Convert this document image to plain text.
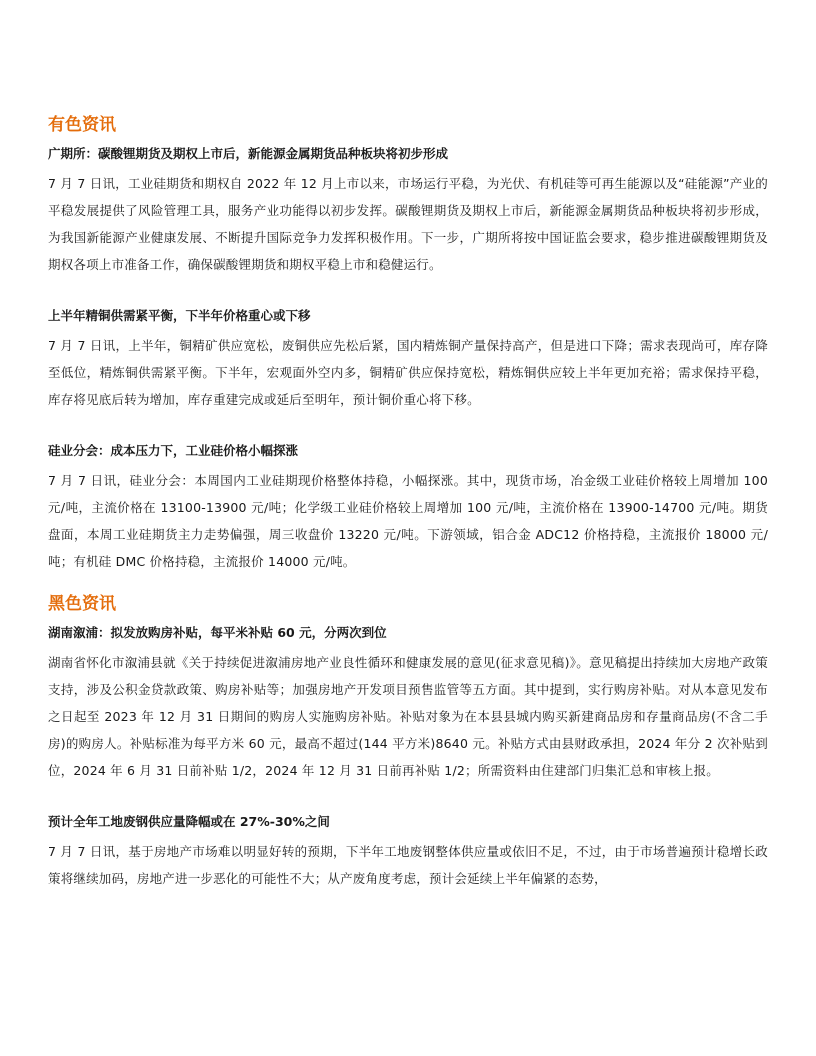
有色资讯
广期所：碳酸锂期货及期权上市后，新能源金属期货品种板块将初步形成

7 月 7 日讯，工业硅期货和期权自 2022 年 12 月上市以来，市场运行平稳，为光伏、有机硅等可再生能源以及“硅能源”产业的平稳发展提供了风险管理工具，服务产业功能得以初步发挥。碳酸锂期货及期权上市后，新能源金属期货品种板块将初步形成，为我国新能源产业健康发展、不断提升国际竞争力发挥积极作用。下一步，广期所将按中国证监会要求，稳步推进碳酸锂期货及期权各项上市准备工作，确保碳酸锂期货和期权平稳上市和稳健运行。

上半年精铜供需紧平衡，下半年价格重心或下移

7 月 7 日讯，上半年，铜精矿供应宽松，废铜供应先松后紧，国内精炼铜产量保持高产，但是进口下降；需求表现尚可，库存降至低位，精炼铜供需紧平衡。下半年，宏观面外空内多，铜精矿供应保持宽松，精炼铜供应较上半年更加充裕；需求保持平稳，库存将见底后转为增加，库存重建完成或延后至明年，预计铜价重心将下移。

硅业分会：成本压力下，工业硅价格小幅探涨

7 月 7 日讯，硅业分会：本周国内工业硅期现价格整体持稳，小幅探涨。其中，现货市场，冶金级工业硅价格较上周增加 100 元/吨，主流价格在 13100-13900 元/吨；化学级工业硅价格较上周增加 100 元/吨，主流价格在 13900-14700 元/吨。期货盘面，本周工业硅期货主力走势偏强，周三收盘价 13220 元/吨。下游领域，铝合金 ADC12 价格持稳，主流报价 18000 元/吨；有机硅 DMC 价格持稳，主流报价 14000 元/吨。

黑色资讯
湖南溆浦：拟发放购房补贴，每平米补贴 60 元，分两次到位

湖南省怀化市溆浦县就《关于持续促进溆浦房地产业良性循环和健康发展的意见(征求意见稿)》。意见稿提出持续加大房地产政策支持，涉及公积金贷款政策、购房补贴等；加强房地产开发项目预售监管等五方面。其中提到，实行购房补贴。对从本意见发布之日起至 2023 年 12 月 31 日期间的购房人实施购房补贴。补贴对象为在本县县城内购买新建商品房和存量商品房(不含二手房)的购房人。补贴标准为每平方米 60 元，最高不超过(144 平方米)8640 元。补贴方式由县财政承担，2024 年分 2 次补贴到位，2024 年 6 月 31 日前补贴 1/2，2024 年 12 月 31 日前再补贴 1/2；所需资料由住建部门归集汇总和审核上报。

预计全年工地废钢供应量降幅或在 27%-30%之间

7 月 7 日讯，基于房地产市场难以明显好转的预期，下半年工地废钢整体供应量或依旧不足，不过，由于市场普遍预计稳增长政策将继续加码，房地产进一步恶化的可能性不大；从产废角度考虑，预计会延续上半年偏紧的态势，
